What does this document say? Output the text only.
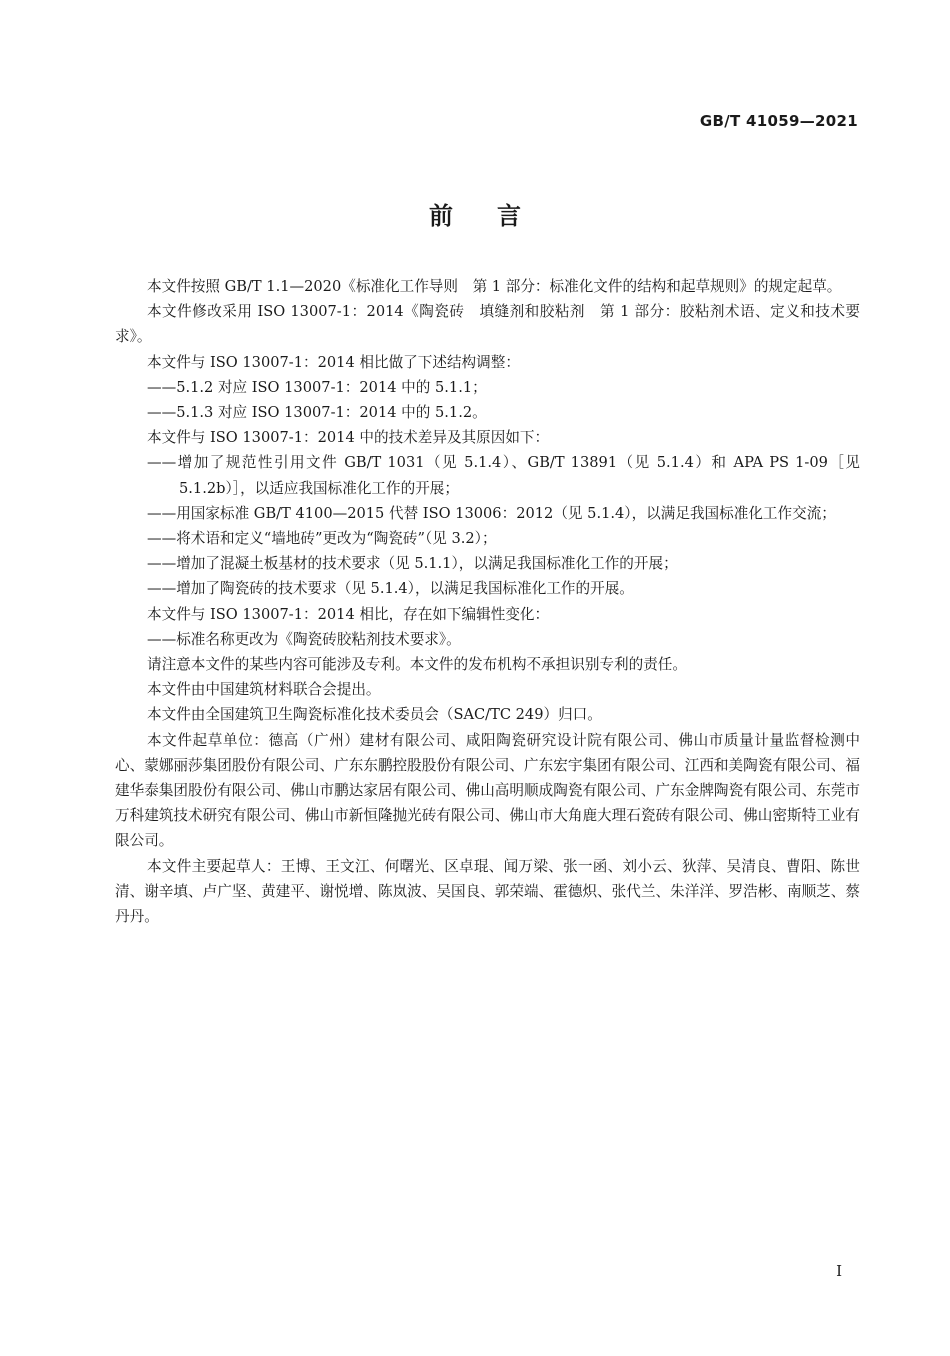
GB/T 41059—2021
前言

本文件按照 GB/T 1.1—2020《标准化工作导则　第 1 部分：标准化文件的结构和起草规则》的规定起草。

本文件修改采用 ISO 13007-1：2014《陶瓷砖　填缝剂和胶粘剂　第 1 部分：胶粘剂术语、定义和技术要求》。

本文件与 ISO 13007-1：2014 相比做了下述结构调整：

——5.1.2 对应 ISO 13007-1：2014 中的 5.1.1；

——5.1.3 对应 ISO 13007-1：2014 中的 5.1.2。

本文件与 ISO 13007-1：2014 中的技术差异及其原因如下：

——增加了规范性引用文件 GB/T 1031（见 5.1.4）、GB/T 13891（见 5.1.4）和 APA PS 1-09［见 5.1.2b）］，以适应我国标准化工作的开展；

——用国家标准 GB/T 4100—2015 代替 ISO 13006：2012（见 5.1.4），以满足我国标准化工作交流；

——将术语和定义“墙地砖”更改为“陶瓷砖”（见 3.2）；

——增加了混凝土板基材的技术要求（见 5.1.1），以满足我国标准化工作的开展；

——增加了陶瓷砖的技术要求（见 5.1.4），以满足我国标准化工作的开展。

本文件与 ISO 13007-1：2014 相比，存在如下编辑性变化：

——标准名称更改为《陶瓷砖胶粘剂技术要求》。

请注意本文件的某些内容可能涉及专利。本文件的发布机构不承担识别专利的责任。

本文件由中国建筑材料联合会提出。

本文件由全国建筑卫生陶瓷标准化技术委员会（SAC/TC 249）归口。

本文件起草单位：德高（广州）建材有限公司、咸阳陶瓷研究设计院有限公司、佛山市质量计量监督检测中心、蒙娜丽莎集团股份有限公司、广东东鹏控股股份有限公司、广东宏宇集团有限公司、江西和美陶瓷有限公司、福建华泰集团股份有限公司、佛山市鹏达家居有限公司、佛山高明顺成陶瓷有限公司、广东金牌陶瓷有限公司、东莞市万科建筑技术研究有限公司、佛山市新恒隆抛光砖有限公司、佛山市大角鹿大理石瓷砖有限公司、佛山密斯特工业有限公司。

本文件主要起草人：王博、王文江、何曙光、区卓琨、闻万梁、张一函、刘小云、狄萍、吴清良、曹阳、陈世清、谢辛填、卢广坚、黄建平、谢悦增、陈岚波、吴国良、郭荣端、霍德炽、张代兰、朱洋洋、罗浩彬、南顺芝、蔡丹丹。

I
